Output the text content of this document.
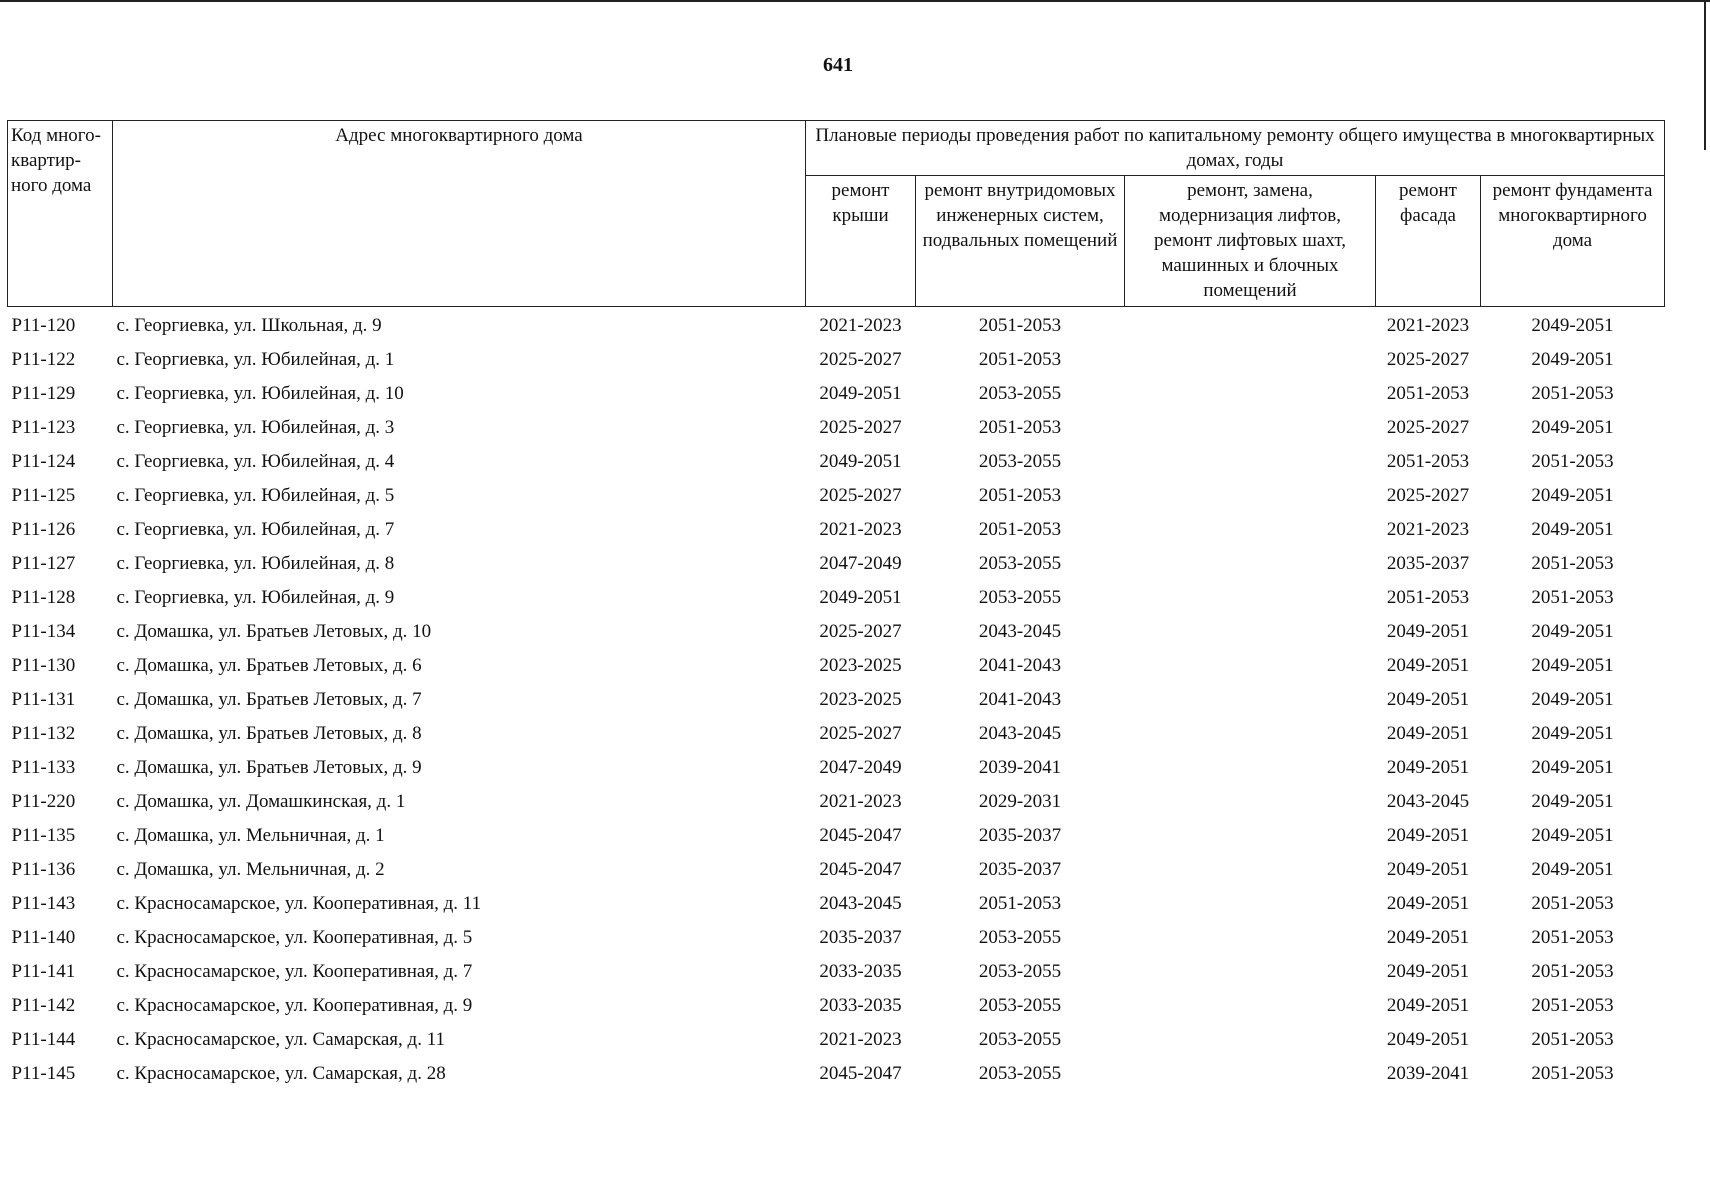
641
Код много-квартир-ного дома	Адрес многоквартирного дома	Плановые периоды проведения работ по капитальному ремонту общего имущества в многоквартирных домах, годы				
		ремонт крыши	ремонт внутридомовых инженерных систем, подвальных помещений	ремонт, замена, модернизация лифтов, ремонт лифтовых шахт, машинных и блочных помещений	ремонт фасада	ремонт фундамента многоквартирного дома
Р11-120	с. Георгиевка, ул. Школьная, д. 9	2021-2023	2051-2053		2021-2023	2049-2051
Р11-122	с. Георгиевка, ул. Юбилейная, д. 1	2025-2027	2051-2053		2025-2027	2049-2051
Р11-129	с. Георгиевка, ул. Юбилейная, д. 10	2049-2051	2053-2055		2051-2053	2051-2053
Р11-123	с. Георгиевка, ул. Юбилейная, д. 3	2025-2027	2051-2053		2025-2027	2049-2051
Р11-124	с. Георгиевка, ул. Юбилейная, д. 4	2049-2051	2053-2055		2051-2053	2051-2053
Р11-125	с. Георгиевка, ул. Юбилейная, д. 5	2025-2027	2051-2053		2025-2027	2049-2051
Р11-126	с. Георгиевка, ул. Юбилейная, д. 7	2021-2023	2051-2053		2021-2023	2049-2051
Р11-127	с. Георгиевка, ул. Юбилейная, д. 8	2047-2049	2053-2055		2035-2037	2051-2053
Р11-128	с. Георгиевка, ул. Юбилейная, д. 9	2049-2051	2053-2055		2051-2053	2051-2053
Р11-134	с. Домашка, ул. Братьев Летовых, д. 10	2025-2027	2043-2045		2049-2051	2049-2051
Р11-130	с. Домашка, ул. Братьев Летовых, д. 6	2023-2025	2041-2043		2049-2051	2049-2051
Р11-131	с. Домашка, ул. Братьев Летовых, д. 7	2023-2025	2041-2043		2049-2051	2049-2051
Р11-132	с. Домашка, ул. Братьев Летовых, д. 8	2025-2027	2043-2045		2049-2051	2049-2051
Р11-133	с. Домашка, ул. Братьев Летовых, д. 9	2047-2049	2039-2041		2049-2051	2049-2051
Р11-220	с. Домашка, ул. Домашкинская, д. 1	2021-2023	2029-2031		2043-2045	2049-2051
Р11-135	с. Домашка, ул. Мельничная, д. 1	2045-2047	2035-2037		2049-2051	2049-2051
Р11-136	с. Домашка, ул. Мельничная, д. 2	2045-2047	2035-2037		2049-2051	2049-2051
Р11-143	с. Красносамарское, ул. Кооперативная, д. 11	2043-2045	2051-2053		2049-2051	2051-2053
Р11-140	с. Красносамарское, ул. Кооперативная, д. 5	2035-2037	2053-2055		2049-2051	2051-2053
Р11-141	с. Красносамарское, ул. Кооперативная, д. 7	2033-2035	2053-2055		2049-2051	2051-2053
Р11-142	с. Красносамарское, ул. Кооперативная, д. 9	2033-2035	2053-2055		2049-2051	2051-2053
Р11-144	с. Красносамарское, ул. Самарская, д. 11	2021-2023	2053-2055		2049-2051	2051-2053
Р11-145	с. Красносамарское, ул. Самарская, д. 28	2045-2047	2053-2055		2039-2041	2051-2053
